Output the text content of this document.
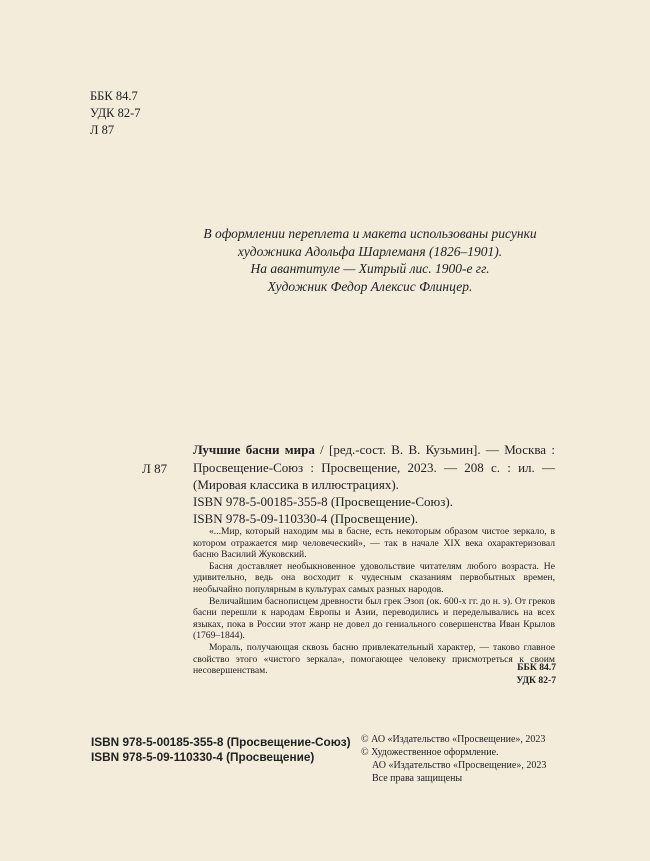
ББК 84.7
УДК 82-7
Л 87
В оформлении переплета и макета использованы рисунки
художника Адольфа Шарлеманя (1826–1901).
На авантитуле — Хитрый лис. 1900-е гг.
Художник Федор Алексис Флинцер.
Л 87
Лучшие басни мира / [ред.-сост. В. В. Кузьмин]. — Москва : Просвещение-Союз : Просвещение, 2023. — 208 с. : ил. — (Мировая классика в иллюстрациях).
ISBN 978-5-00185-355-8 (Просвещение-Союз).
ISBN 978-5-09-110330-4 (Просвещение).

«...Мир, который находим мы в басне, есть некоторым образом чистое зеркало, в котором отражается мир человеческий», — так в начале XIX века охарактеризовал басню Василий Жуковский.

Басня доставляет необыкновенное удовольствие читателям любого возраста. Не удивительно, ведь она восходит к чудесным сказаниям первобытных времен, необычайно популярным в культурах самых разных народов.

Величайшим баснописцем древности был грек Эзоп (ок. 600-х гг. до н. э). От греков басни перешли к народам Европы и Азии, переводились и переделывались на всех языках, пока в России этот жанр не довел до гениального совершенства Иван Крылов (1769–1844).

Мораль, получающая сквозь басню привлекательный характер, — таково главное свойство этого «чистого зеркала», помогающее человеку присмотреться к своим несовершенствам.	ББК 84.7
УДК 82-7
ISBN 978-5-00185-355-8 (Просвещение-Союз)
ISBN 978-5-09-110330-4 (Просвещение)
© АО «Издательство «Просвещение», 2023
© Художественное оформление.
АО «Издательство «Просвещение», 2023
Все права защищены
